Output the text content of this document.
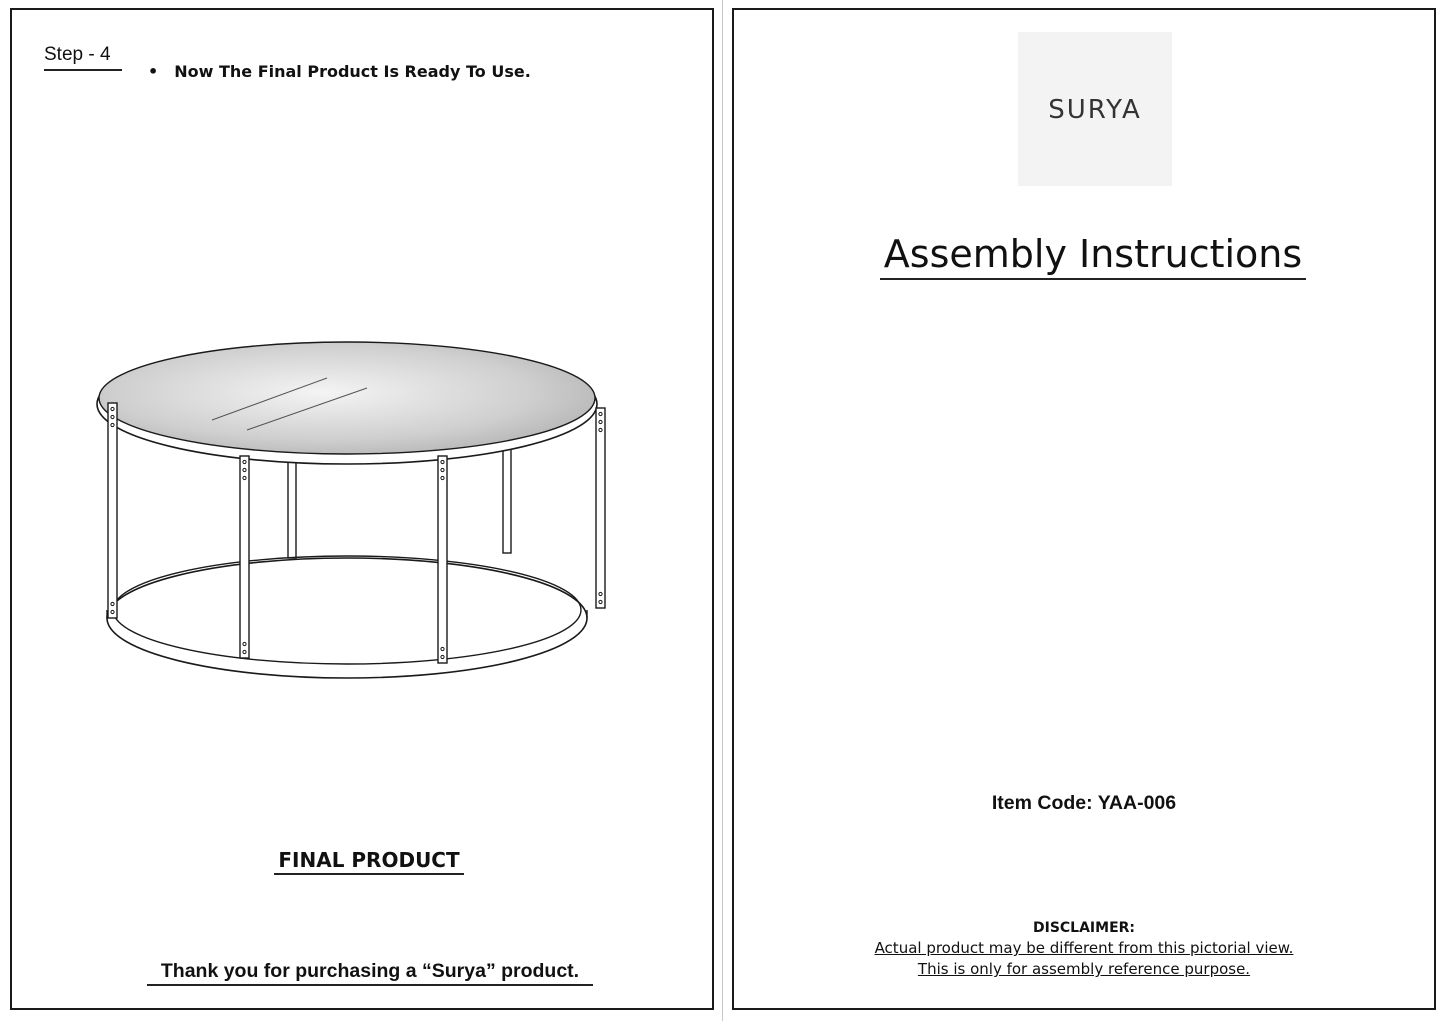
Step - 4
• Now The Final Product Is Ready To Use.
FINAL PRODUCT
Thank you for purchasing a “Surya” product.
SURYA
Assembly Instructions
Item Code: YAA-006
DISCLAIMER:
Actual product may be different from this pictorial view.
This is only for assembly reference purpose.
